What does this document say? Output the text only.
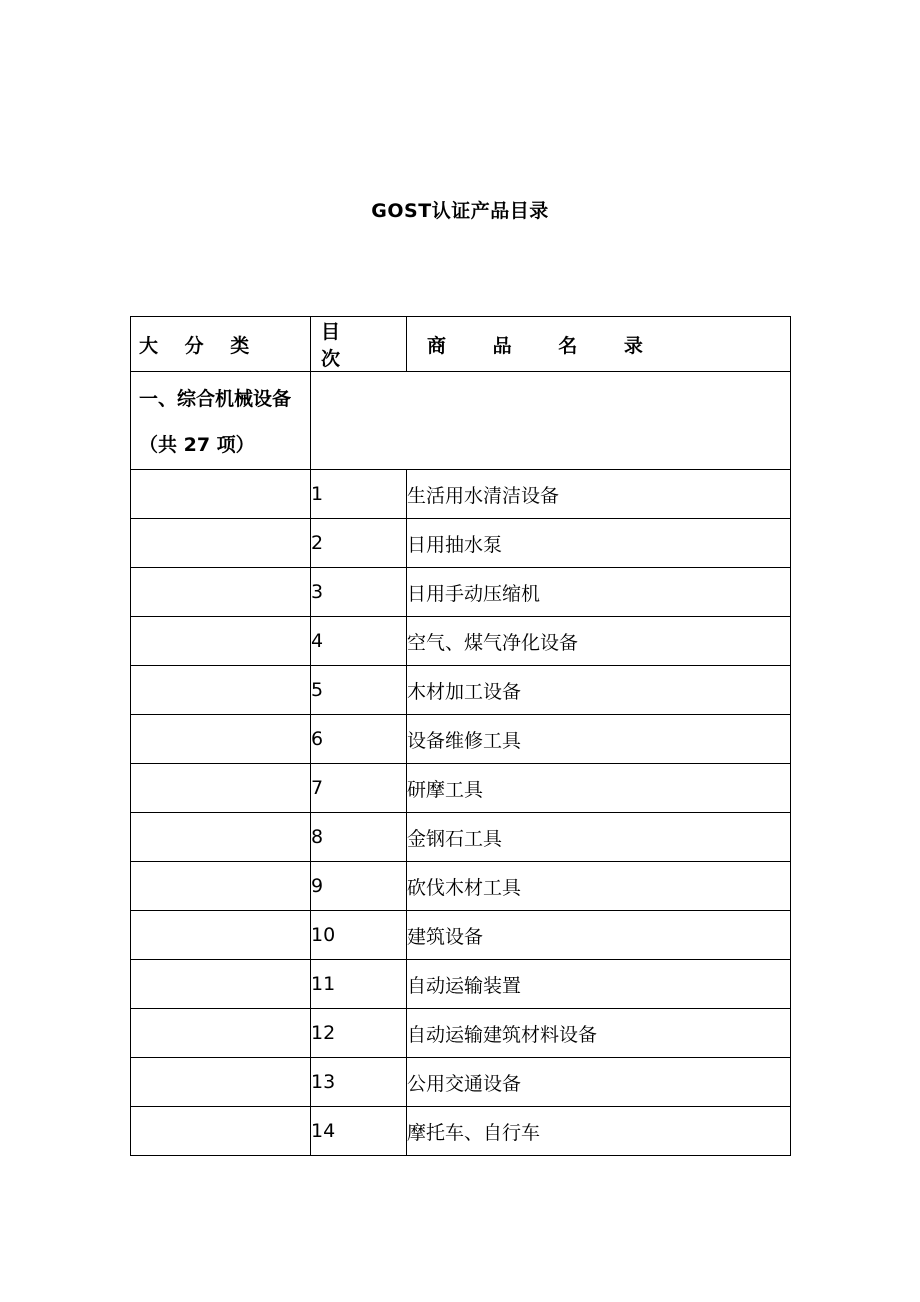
GOST认证产品目录
大 分 类	目 次	商 品 名 录

一、综合机械设备
（共 27 项）		

	1	生活用水清洁设备
	2	日用抽水泵
	3	日用手动压缩机
	4	空气、煤气净化设备
	5	木材加工设备
	6	设备维修工具
	7	研摩工具
	8	金钢石工具
	9	砍伐木材工具
	10	建筑设备
	11	自动运输装置
	12	自动运输建筑材料设备
	13	公用交通设备
	14	摩托车、自行车
